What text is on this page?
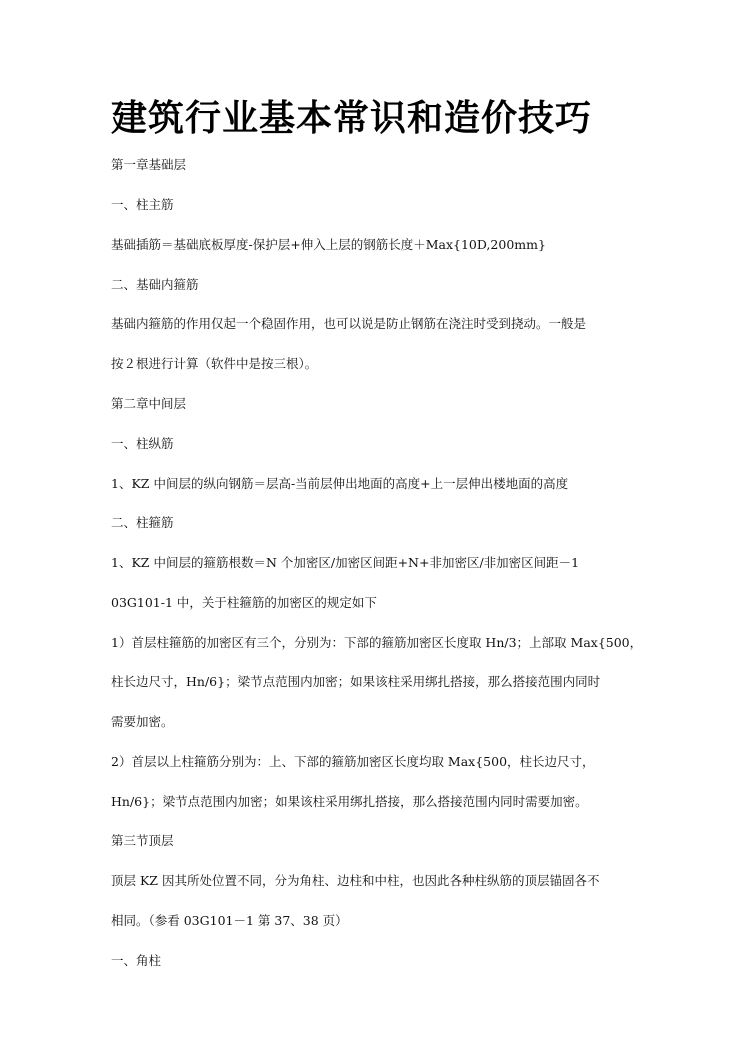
建筑行业基本常识和造价技巧

第一章基础层

一、柱主筋

基础插筋＝基础底板厚度-保护层+伸入上层的钢筋长度＋Max{10D,200mm}

二、基础内箍筋

基础内箍筋的作用仅起一个稳固作用，也可以说是防止钢筋在浇注时受到挠动。一般是

按２根进行计算（软件中是按三根）。

第二章中间层

一、柱纵筋

1、KZ 中间层的纵向钢筋＝层高-当前层伸出地面的高度+上一层伸出楼地面的高度

二、柱箍筋

1、KZ 中间层的箍筋根数＝N 个加密区/加密区间距+N+非加密区/非加密区间距－1

03G101-1 中，关于柱箍筋的加密区的规定如下

1）首层柱箍筋的加密区有三个，分别为：下部的箍筋加密区长度取 Hn/3；上部取 Max{500，

柱长边尺寸，Hn/6}；梁节点范围内加密；如果该柱采用绑扎搭接，那么搭接范围内同时

需要加密。

2）首层以上柱箍筋分别为：上、下部的箍筋加密区长度均取 Max{500，柱长边尺寸，

Hn/6}；梁节点范围内加密；如果该柱采用绑扎搭接，那么搭接范围内同时需要加密。

第三节顶层

顶层 KZ 因其所处位置不同，分为角柱、边柱和中柱，也因此各种柱纵筋的顶层锚固各不

相同。（参看 03G101－1 第 37、38 页）

一、角柱
